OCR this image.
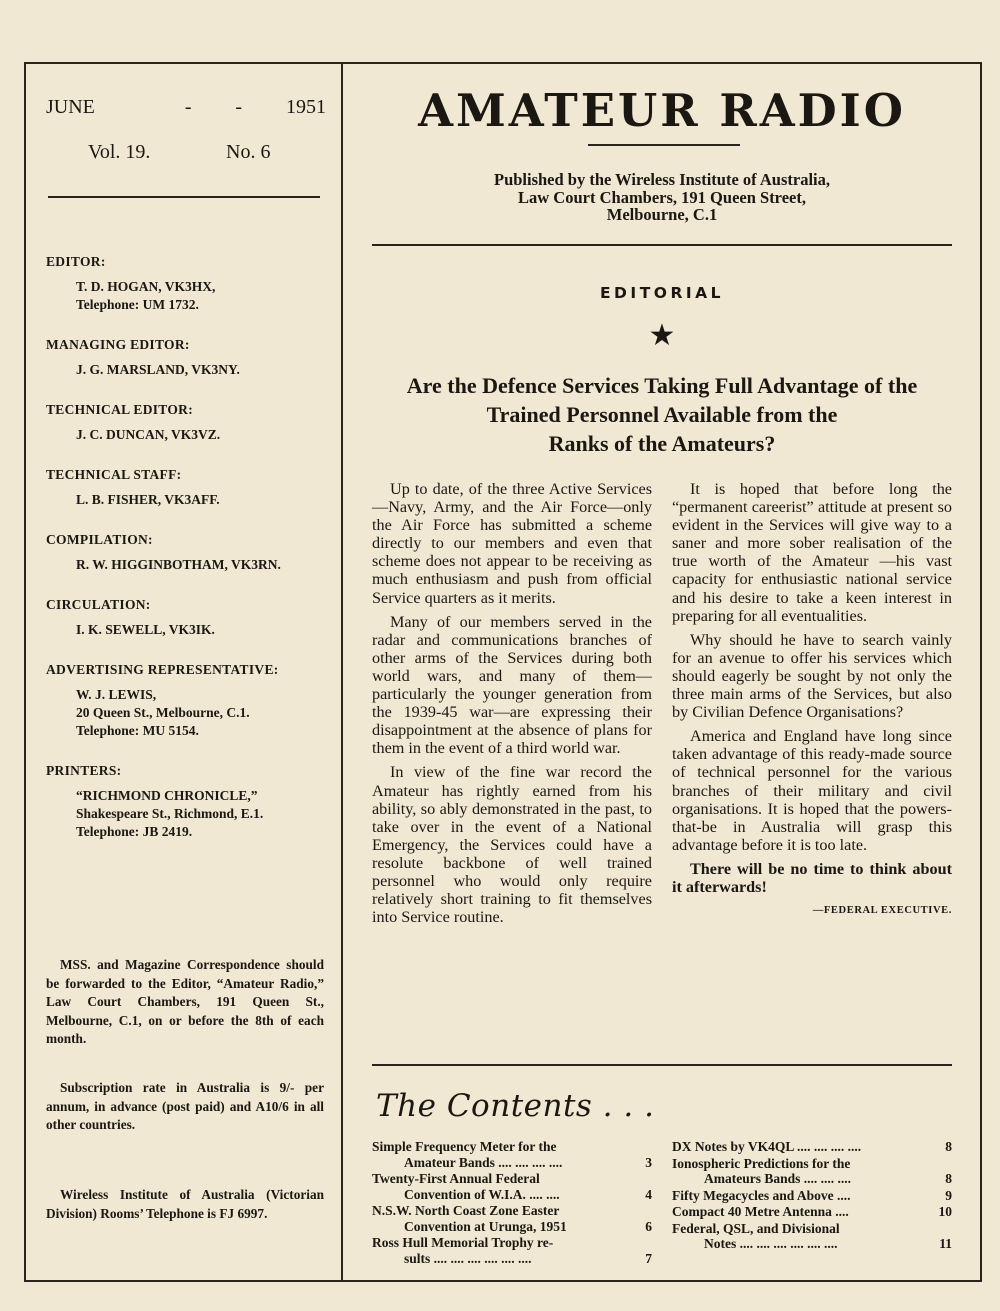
JUNE	- - 1951
Vol. 19.	No. 6
EDITOR:
T. D. HOGAN, VK3HX,
Telephone: UM 1732.
MANAGING EDITOR:
J. G. MARSLAND, VK3NY.
TECHNICAL EDITOR:
J. C. DUNCAN, VK3VZ.
TECHNICAL STAFF:
L. B. FISHER, VK3AFF.
COMPILATION:
R. W. HIGGINBOTHAM, VK3RN.
CIRCULATION:
I. K. SEWELL, VK3IK.
ADVERTISING REPRESENTATIVE:
W. J. LEWIS,
20 Queen St., Melbourne, C.1.
Telephone: MU 5154.
PRINTERS:
“RICHMOND CHRONICLE,”
Shakespeare St., Richmond, E.1.
Telephone: JB 2419.
MSS. and Magazine Correspondence should be forwarded to the Editor, “Amateur Radio,” Law Court Chambers, 191 Queen St., Melbourne, C.1, on or before the 8th of each month.
Subscription rate in Australia is 9/- per annum, in advance (post paid) and A10/6 in all other countries.
Wireless Institute of Australia (Victorian Division) Rooms’ Telephone is FJ 6997.
AMATEUR RADIO
Published by the Wireless Institute of Australia,
Law Court Chambers, 191 Queen Street,
Melbourne, C.1
EDITORIAL
★
Are the Defence Services Taking Full Advantage of the
Trained Personnel Available from the
Ranks of the Amateurs?

Up to date, of the three Active Services—Navy, Army, and the Air Force—only the Air Force has submitted a scheme directly to our members and even that scheme does not appear to be receiving as much enthusiasm and push from official Service quarters as it merits.

Many of our members served in the radar and communications branches of other arms of the Services during both world wars, and many of them—particularly the younger generation from the 1939-45 war—are expressing their disappointment at the absence of plans for them in the event of a third world war.

In view of the fine war record the Amateur has rightly earned from his ability, so ably demonstrated in the past, to take over in the event of a National Emergency, the Services could have a resolute backbone of well trained personnel who would only require relatively short training to fit themselves into Service routine.

It is hoped that before long the “permanent careerist” attitude at present so evident in the Services will give way to a saner and more sober realisation of the true worth of the Amateur —his vast capacity for enthusiastic national service and his desire to take a keen interest in preparing for all eventualities.

Why should he have to search vainly for an avenue to offer his services which should eagerly be sought by not only the three main arms of the Services, but also by Civilian Defence Organisations?

America and England have long since taken advantage of this ready-made source of technical personnel for the various branches of their military and civil organisations. It is hoped that the powers-that-be in Australia will grasp this advantage before it is too late.

There will be no time to think about it afterwards!

—FEDERAL EXECUTIVE.
The Contents . . .
Simple Frequency Meter for the
Amateur Bands .... .... .... ....	3
Twenty-First Annual Federal
Convention of W.I.A. .... ....	4
N.S.W. North Coast Zone Easter
Convention at Urunga, 1951	6
Ross Hull Memorial Trophy re-
sults .... .... .... .... .... ....	7
DX Notes by VK4QL .... .... .... ....	8
Ionospheric Predictions for the
Amateurs Bands .... .... ....	8
Fifty Megacycles and Above ....	9
Compact 40 Metre Antenna ....	10
Federal, QSL, and Divisional
Notes .... .... .... .... .... ....	11
